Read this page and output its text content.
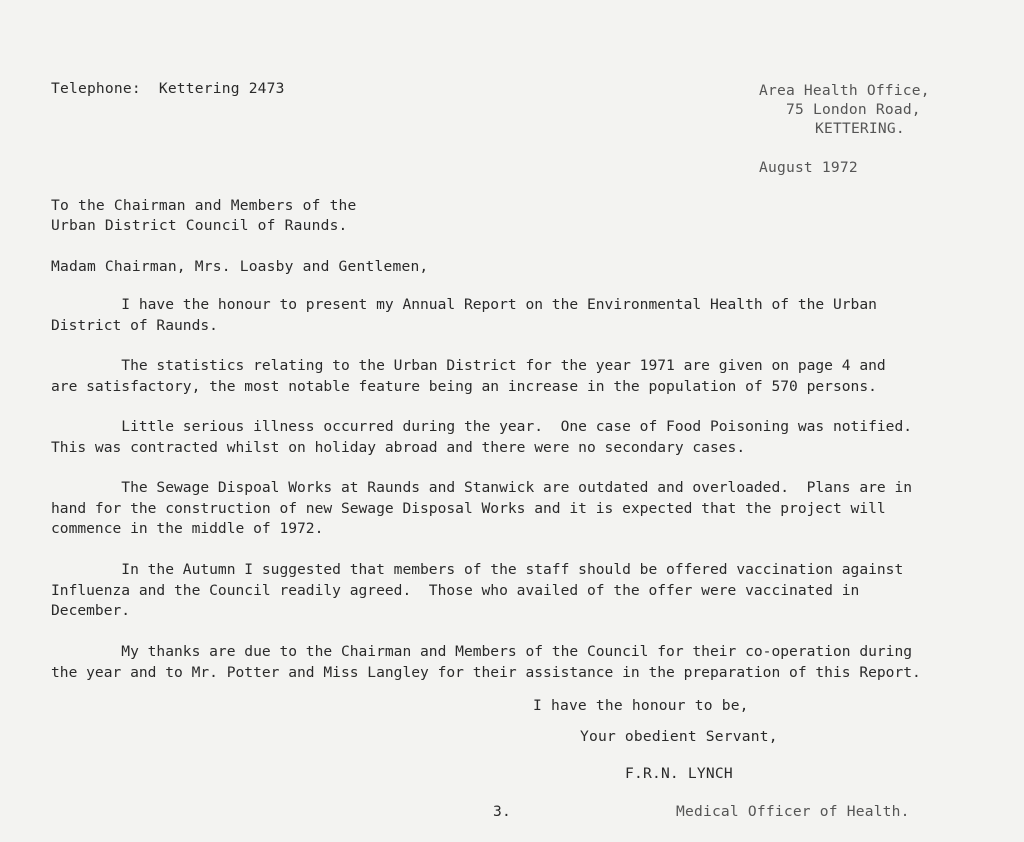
Telephone:  Kettering 2473	Area Health Office,
75 London Road,
KETTERING.
August 1972
To the Chairman and Members of the
Urban District Council of Raunds.
Madam Chairman, Mrs. Loasby and Gentlemen,
I have the honour to present my Annual Report on the Environmental Health of the Urban
District of Raunds.
The statistics relating to the Urban District for the year 1971 are given on page 4 and
are satisfactory, the most notable feature being an increase in the population of 570 persons.
Little serious illness occurred during the year.  One case of Food Poisoning was notified.
This was contracted whilst on holiday abroad and there were no secondary cases.
The Sewage Dispoal Works at Raunds and Stanwick are outdated and overloaded.  Plans are in
hand for the construction of new Sewage Disposal Works and it is expected that the project will
commence in the middle of 1972.
In the Autumn I suggested that members of the staff should be offered vaccination against
Influenza and the Council readily agreed.  Those who availed of the offer were vaccinated in
December.
My thanks are due to the Chairman and Members of the Council for their co-operation during
the year and to Mr. Potter and Miss Langley for their assistance in the preparation of this Report.
I have the honour to be,
Your obedient Servant,
F.R.N. LYNCH
3.	Medical Officer of Health.
